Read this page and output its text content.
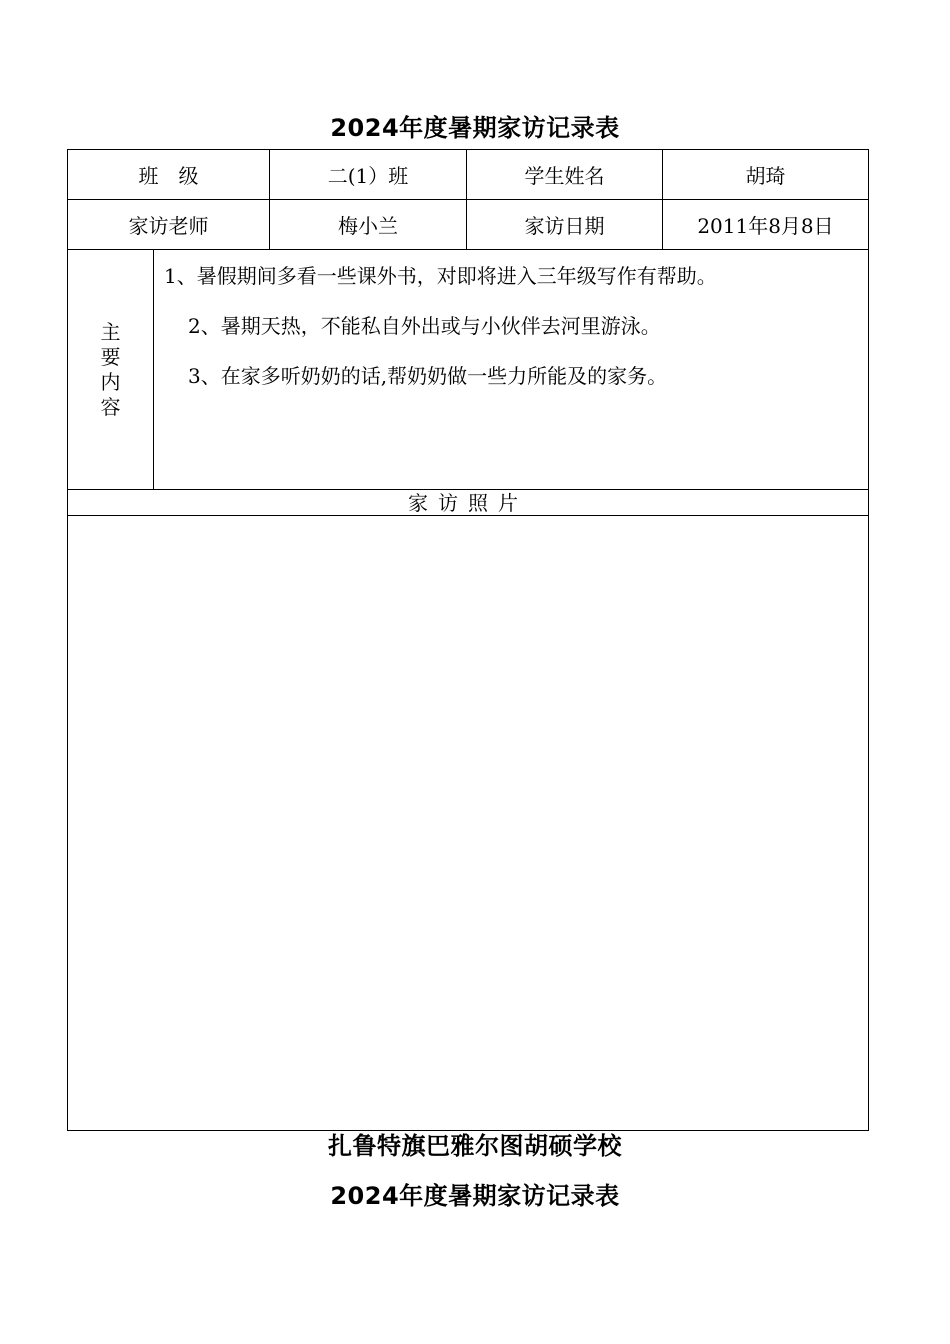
2024年度暑期家访记录表
班　级		二(1）班	学生姓名	胡琦
家访老师		梅小兰	家访日期	2011年8月8日

主要内容	1、暑假期间多看一些课外书，对即将进入三年级写作有帮助。
2、暑期天热，不能私自外出或与小伙伴去河里游泳。
3、在家多听奶奶的话,帮奶奶做一些力所能及的家务。			

家访照片				

扎鲁特旗巴雅尔图胡硕学校
2024年度暑期家访记录表
